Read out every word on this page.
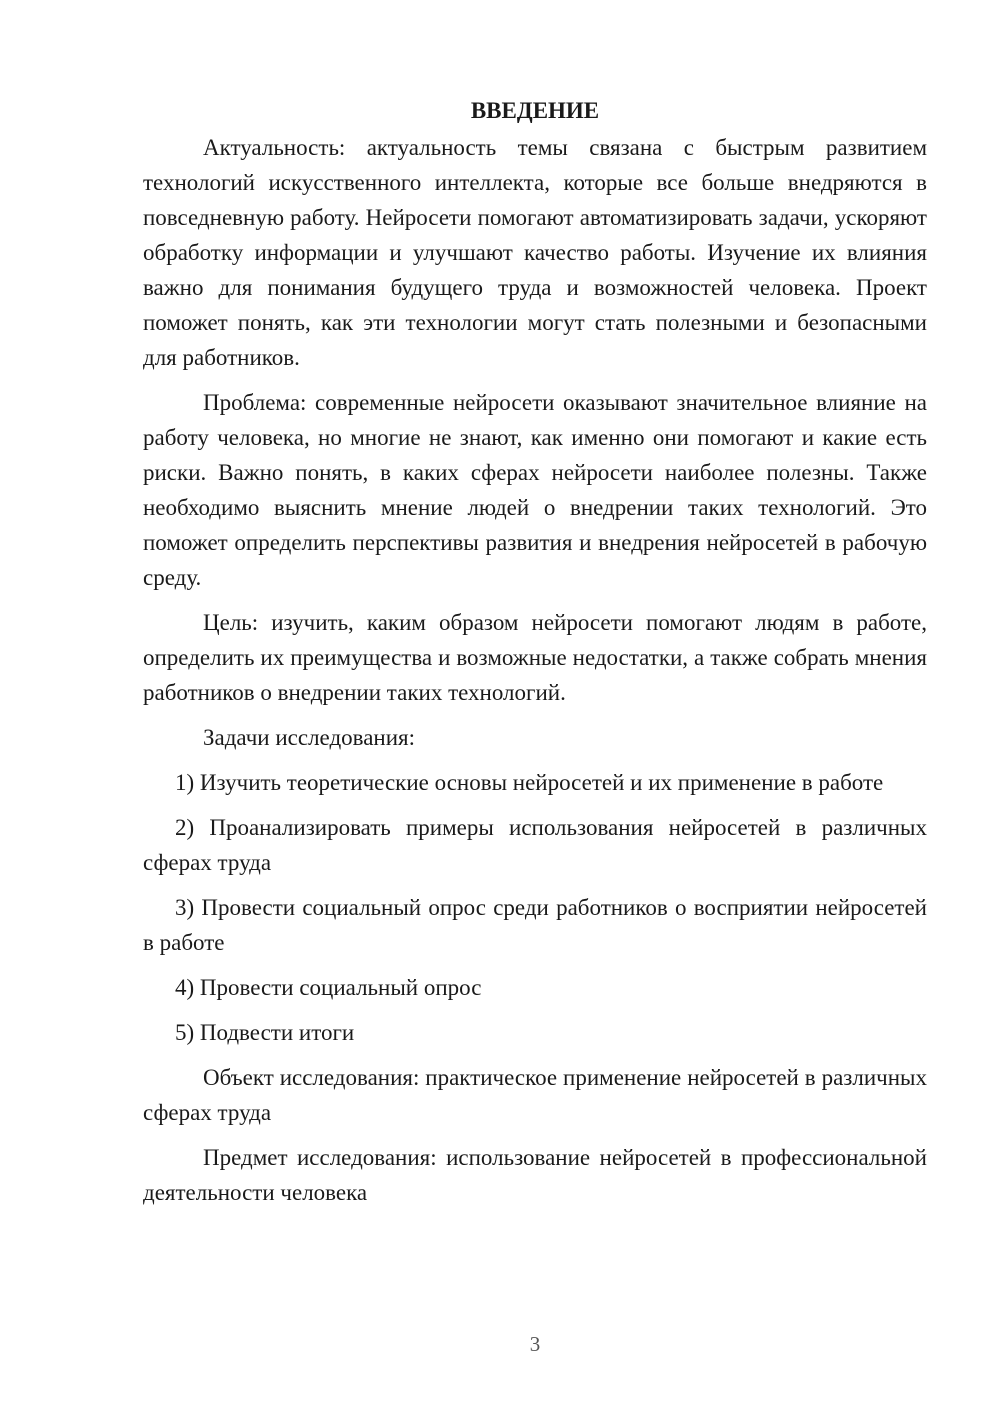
ВВЕДЕНИЕ

Актуальность: актуальность темы связана с быстрым развитием технологий искусственного интеллекта, которые все больше внедряются в повседневную работу. Нейросети помогают автоматизировать задачи, ускоряют обработку информации и улучшают качество работы. Изучение их влияния важно для понимания будущего труда и возможностей человека. Проект поможет понять, как эти технологии могут стать полезными и безопасными для работников.

Проблема: современные нейросети оказывают значительное влияние на работу человека, но многие не знают, как именно они помогают и какие есть риски. Важно понять, в каких сферах нейросети наиболее полезны. Также необходимо выяснить мнение людей о внедрении таких технологий. Это поможет определить перспективы развития и внедрения нейросетей в рабочую среду.

Цель: изучить, каким образом нейросети помогают людям в работе, определить их преимущества и возможные недостатки, а также собрать мнения работников о внедрении таких технологий.

Задачи исследования:

1) Изучить теоретические основы нейросетей и их применение в работе

2) Проанализировать примеры использования нейросетей в различных сферах труда

3) Провести социальный опрос среди работников о восприятии нейросетей в работе

4) Провести социальный опрос

5) Подвести итоги

Объект исследования: практическое применение нейросетей в различных сферах труда

Предмет исследования: использование нейросетей в профессиональной деятельности человека

3
